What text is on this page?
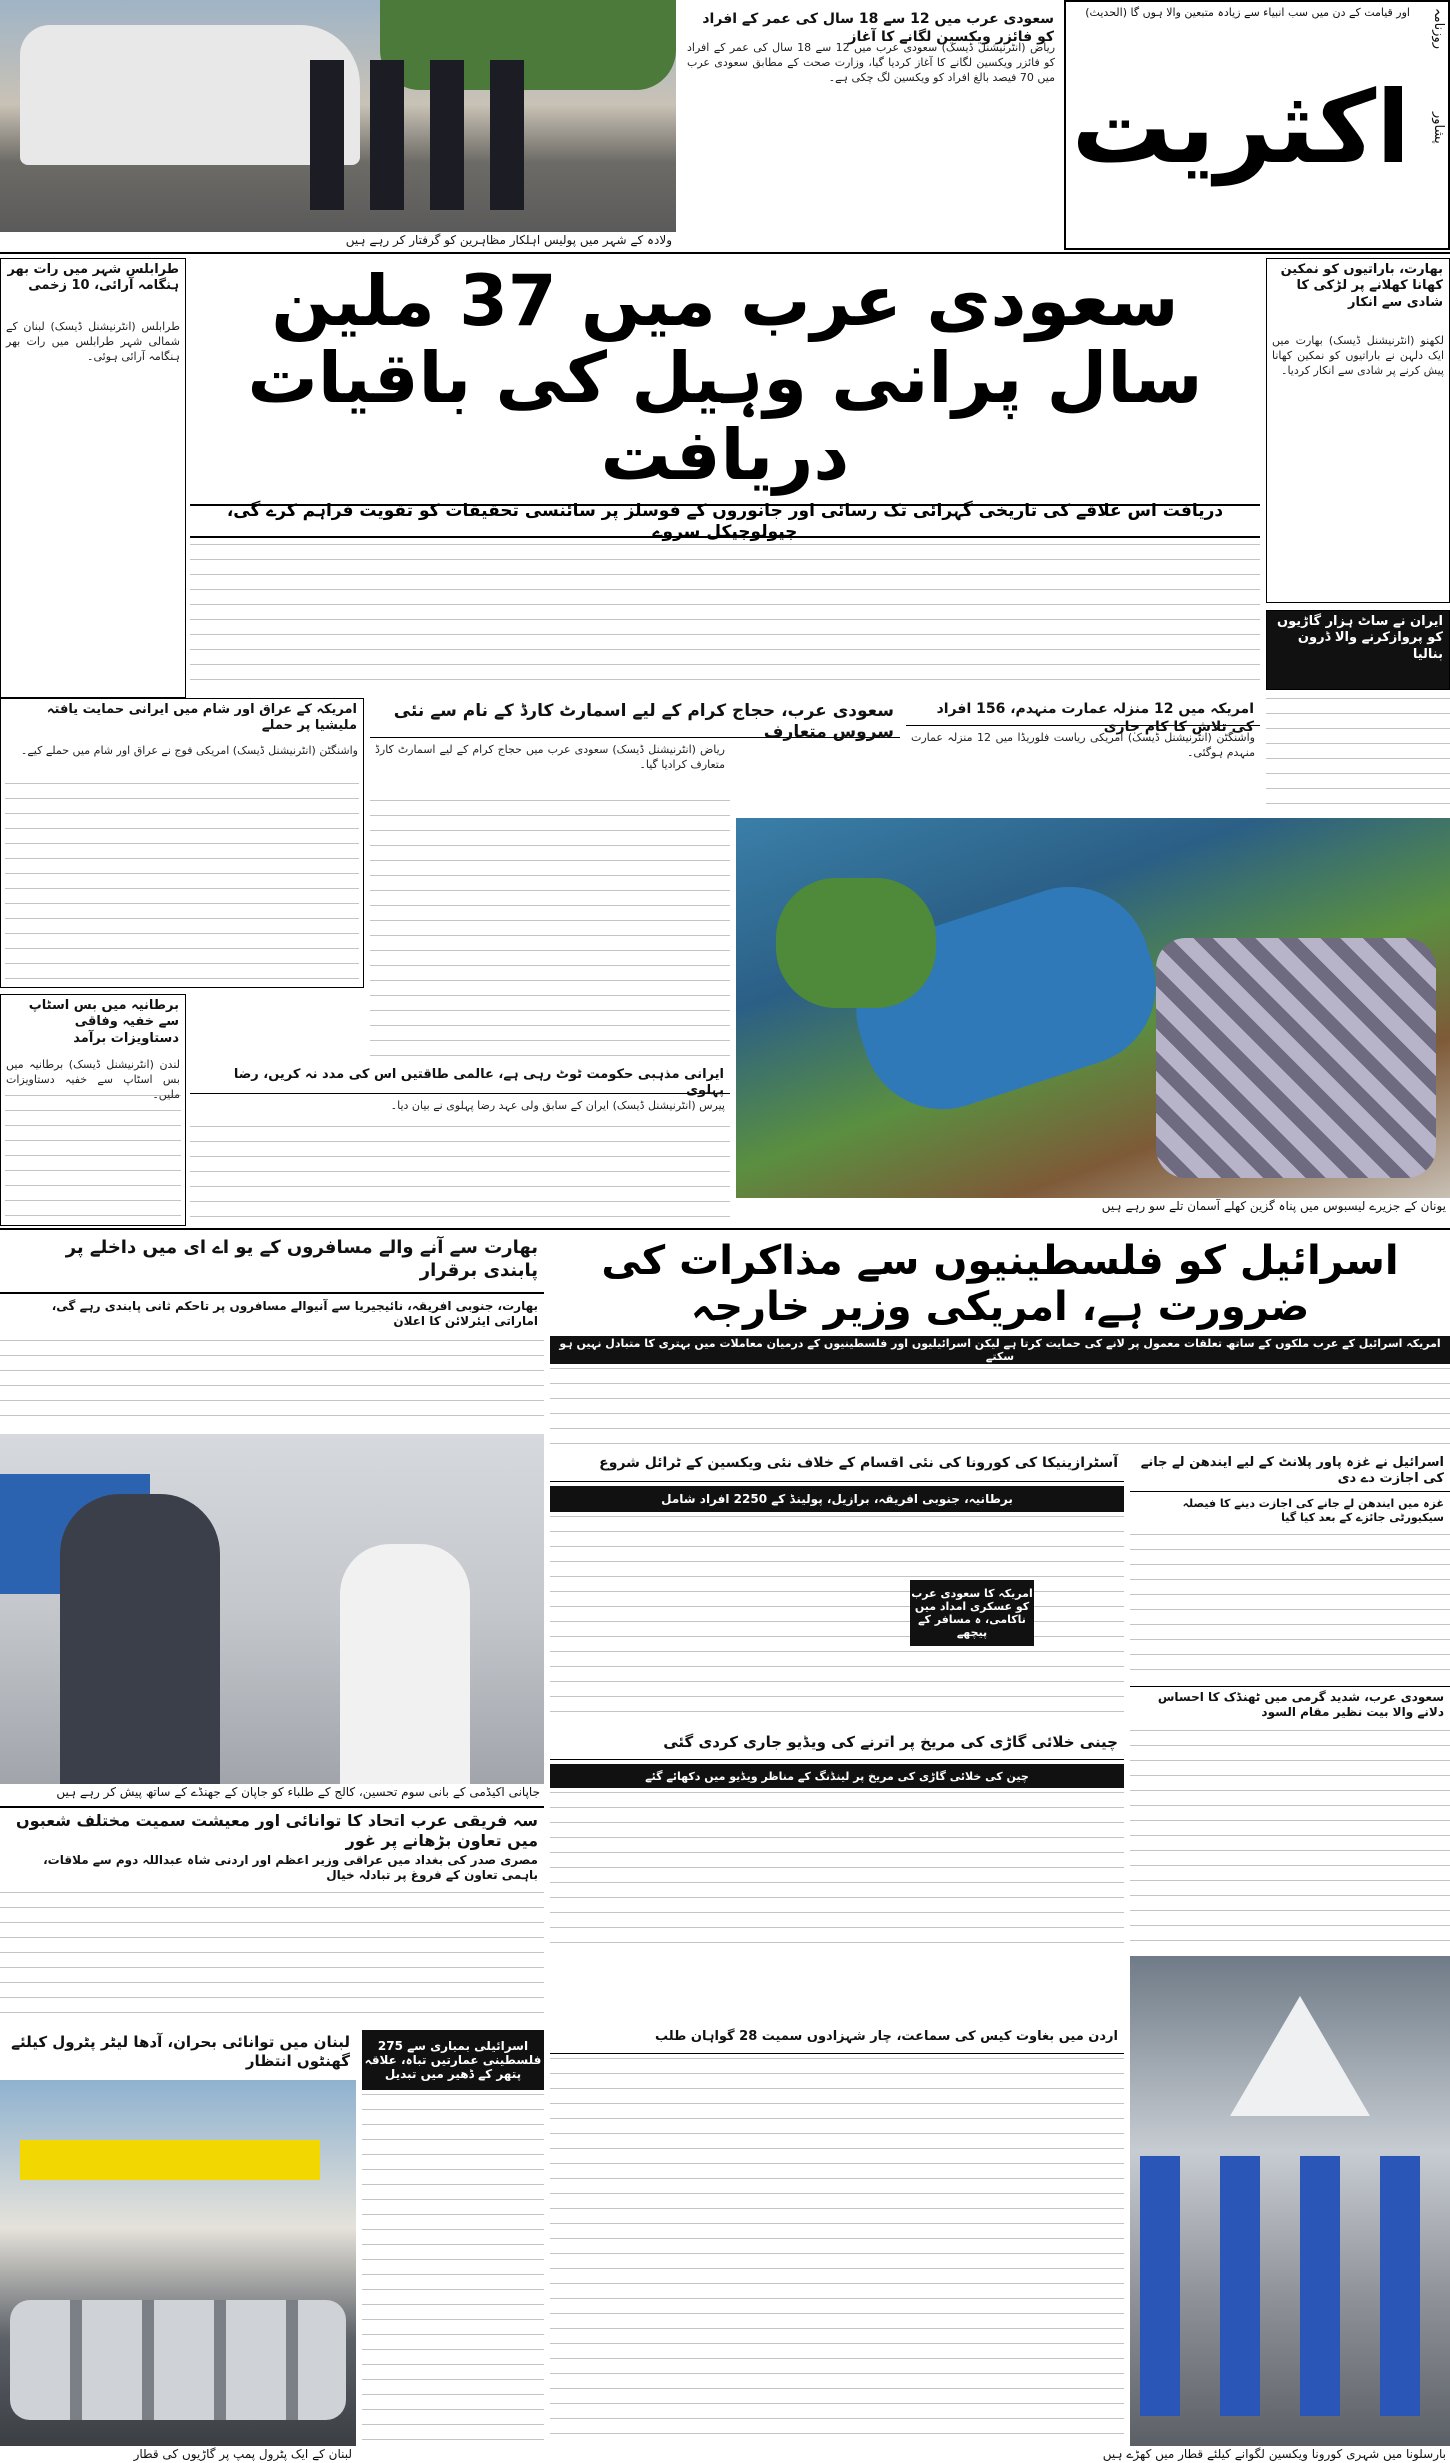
ولادہ کے شہر میں پولیس اہلکار مظاہرین کو گرفتار کر رہے ہیں
سعودی عرب میں 12 سے 18 سال کی عمر کے افراد کو فائزر ویکسین لگانے کا آغاز
ریاض (انٹرنیشنل ڈیسک) سعودی عرب میں 12 سے 18 سال کی عمر کے افراد کو فائزر ویکسین لگانے کا آغاز کردیا گیا، وزارت صحت کے مطابق سعودی عرب میں 70 فیصد بالغ افراد کو ویکسین لگ چکی ہے۔
اور قیامت کے دن میں سب انبیاء سے زیادہ متبعین والا ہوں گا (الحدیث)	روزنامہ
پشاور
اکثریت
بھارت، باراتیوں کو نمکین کھانا کھلانے پر لڑکی کا شادی سے انکار
لکھنو (انٹرنیشنل ڈیسک) بھارت میں ایک دلہن نے باراتیوں کو نمکین کھانا پیش کرنے پر شادی سے انکار کردیا۔
سعودی عرب میں 37 ملین سال پرانی وہیل کی باقیات دریافت
طرابلس شہر میں رات بھر ہنگامہ آرائی، 10 زخمی
طرابلس (انٹرنیشنل ڈیسک) لبنان کے شمالی شہر طرابلس میں رات بھر ہنگامہ آرائی ہوئی۔
دریافت اس علاقے کی تاریخی گہرائی تک رسائی اور جانوروں کے فوسلز پر سائنسی تحقیقات کو تقویت فراہم کرے گی، جیولوجیکل سروے
ایران نے ساٹ ہزار گاڑیوں کو پروازکرنے والا ڈرون بنالیا
امریکہ میں 12 منزلہ عمارت منہدم، 156 افراد کی تلاش کا کام جاری
واشنگٹن (انٹرنیشنل ڈیسک) امریکی ریاست فلوریڈا میں 12 منزلہ عمارت منہدم ہوگئی۔
سعودی عرب، حجاج کرام کے لیے اسمارٹ کارڈ کے نام سے نئی سروس متعارف
ریاض (انٹرنیشنل ڈیسک) سعودی عرب میں حجاج کرام کے لیے اسمارٹ کارڈ متعارف کرادیا گیا۔
امریکہ کے عراق اور شام میں ایرانی حمایت یافتہ ملیشیا پر حملے
واشنگٹن (انٹرنیشنل ڈیسک) امریکی فوج نے عراق اور شام میں حملے کیے۔
یونان کے جزیرے لیسبوس میں پناہ گزین کھلے آسمان تلے سو رہے ہیں
ایرانی مذہبی حکومت ٹوٹ رہی ہے، عالمی طاقتیں اس کی مدد نہ کریں، رضا پہلوی
پیرس (انٹرنیشنل ڈیسک) ایران کے سابق ولی عہد رضا پہلوی نے بیان دیا۔
برطانیہ میں بس اسٹاپ سے خفیہ وفاقی دستاویزات برآمد
لندن (انٹرنیشنل ڈیسک) برطانیہ میں بس اسٹاپ سے خفیہ دستاویزات ملیں۔
اسرائیل کو فلسطینیوں سے مذاکرات کی ضرورت ہے، امریکی وزیر خارجہ
امریکہ اسرائیل کے عرب ملکوں کے ساتھ تعلقات معمول پر لانے کی حمایت کرتا ہے لیکن اسرائیلیوں اور فلسطینیوں کے درمیان معاملات میں بہتری کا متبادل نہیں ہو سکتے
بھارت سے آنے والے مسافروں کے یو اے ای میں داخلے پر پابندی برقرار
بھارت، جنوبی افریقہ، نائیجیریا سے آنیوالے مسافروں پر تاحکم ثانی پابندی رہے گی، اماراتی ایئرلائن کا اعلان
اسرائیل نے غزہ پاور پلانٹ کے لیے ایندھن لے جانے کی اجازت دے دی
غزہ میں ایندھن لے جانے کی اجازت دینے کا فیصلہ سیکیورٹی جائزے کے بعد کیا گیا
سعودی عرب، شدید گرمی میں ٹھنڈک کا احساس دلانے والا بیت نظیر مقام السود
جاپانی اکیڈمی کے بانی سوم تحسین، کالج کے طلباء کو جاپان کے جھنڈے کے ساتھ پیش کر رہے ہیں
آسٹرازینیکا کی کورونا کی نئی اقسام کے خلاف نئی ویکسین کے ٹرائل شروع
برطانیہ، جنوبی افریقہ، برازیل، پولینڈ کے 2250 افراد شامل
امریکہ کا سعودی عرب کو عسکری امداد میں ناکامی، ہ مسافر کے پیچھے
چینی خلائی گاڑی کی مریخ پر اترنے کی ویڈیو جاری کردی گئی
چین کی خلائی گاڑی کی مریخ پر لینڈنگ کے مناظر ویڈیو میں دکھائے گئے
سہ فریقی عرب اتحاد کا توانائی اور معیشت سمیت مختلف شعبوں میں تعاون بڑھانے پر غور
مصری صدر کی بغداد میں عراقی وزیر اعظم اور اردنی شاہ عبداللہ دوم سے ملاقات، باہمی تعاون کے فروغ پر تبادلہ خیال
اردن میں بغاوت کیس کی سماعت، چار شہزادوں سمیت 28 گواہان طلب
اسرائیلی بمباری سے 275 فلسطینی عمارتیں تباہ، علاقہ پتھر کے ڈھیر میں تبدیل
لبنان میں توانائی بحران، آدھا لیٹر پٹرول کیلئے گھنٹوں انتظار
لبنان کے ایک پٹرول پمپ پر گاڑیوں کی قطار	بارسلونا میں شہری کورونا ویکسین لگوانے کیلئے قطار میں کھڑے ہیں
